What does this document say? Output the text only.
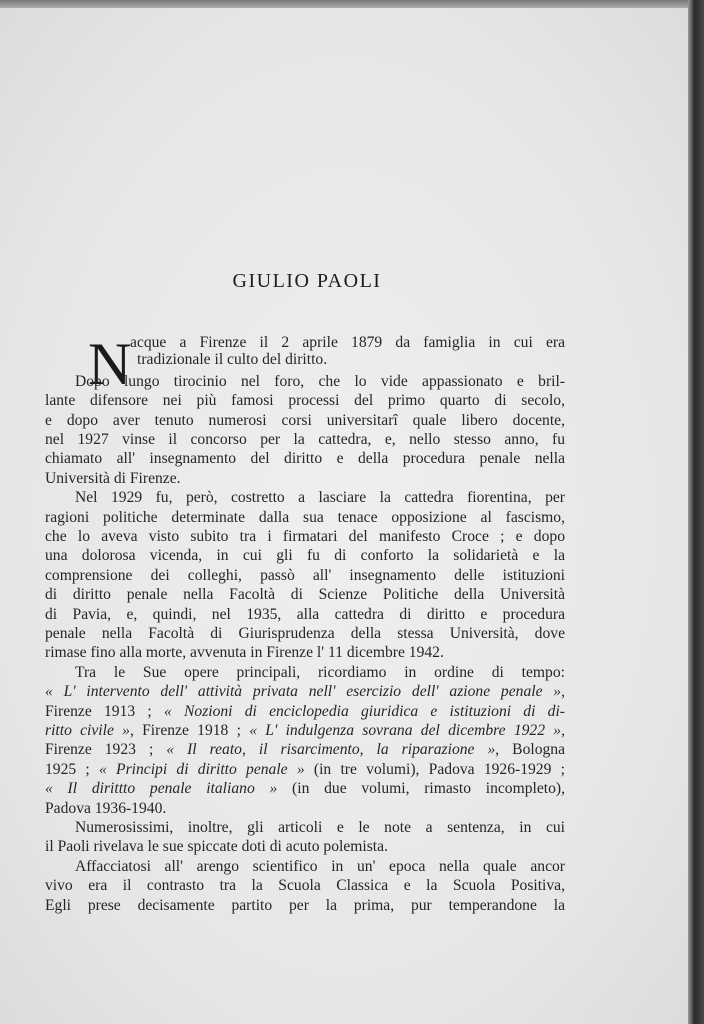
GIULIO PAOLI
N
acque a Firenze il 2 aprile 1879 da famiglia in cui era
tradizionale il culto del diritto.
Dopo lungo tirocinio nel foro, che lo vide appassionato e bril-
lante difensore nei più famosi processi del primo quarto di secolo,
e dopo aver tenuto numerosi corsi universitarî quale libero docente,
nel 1927 vinse il concorso per la cattedra, e, nello stesso anno, fu
chiamato all' insegnamento del diritto e della procedura penale nella
Università di Firenze.
Nel 1929 fu, però, costretto a lasciare la cattedra fiorentina, per
ragioni politiche determinate dalla sua tenace opposizione al fascismo,
che lo aveva visto subito tra i firmatari del manifesto Croce ; e dopo
una dolorosa vicenda, in cui gli fu di conforto la solidarietà e la
comprensione dei colleghi, passò all' insegnamento delle istituzioni
di diritto penale nella Facoltà di Scienze Politiche della Università
di Pavia, e, quindi, nel 1935, alla cattedra di diritto e procedura
penale nella Facoltà di Giurisprudenza della stessa Università, dove
rimase fino alla morte, avvenuta in Firenze l' 11 dicembre 1942.
Tra le Sue opere principali, ricordiamo in ordine di tempo:
« L' intervento dell' attività privata nell' esercizio dell' azione penale »,
Firenze 1913 ; « Nozioni di enciclopedia giuridica e istituzioni di di-
ritto civile », Firenze 1918 ; « L' indulgenza sovrana del dicembre 1922 »,
Firenze 1923 ; « Il reato, il risarcimento, la riparazione », Bologna
1925 ; « Principi di diritto penale » (in tre volumi), Padova 1926-1929 ;
« Il dirittto penale italiano » (in due volumi, rimasto incompleto),
Padova 1936-1940.
Numerosissimi, inoltre, gli articoli e le note a sentenza, in cui
il Paoli rivelava le sue spiccate doti di acuto polemista.
Affacciatosi all' arengo scientifico in un' epoca nella quale ancor
vivo era il contrasto tra la Scuola Classica e la Scuola Positiva,
Egli prese decisamente partito per la prima, pur temperandone la
